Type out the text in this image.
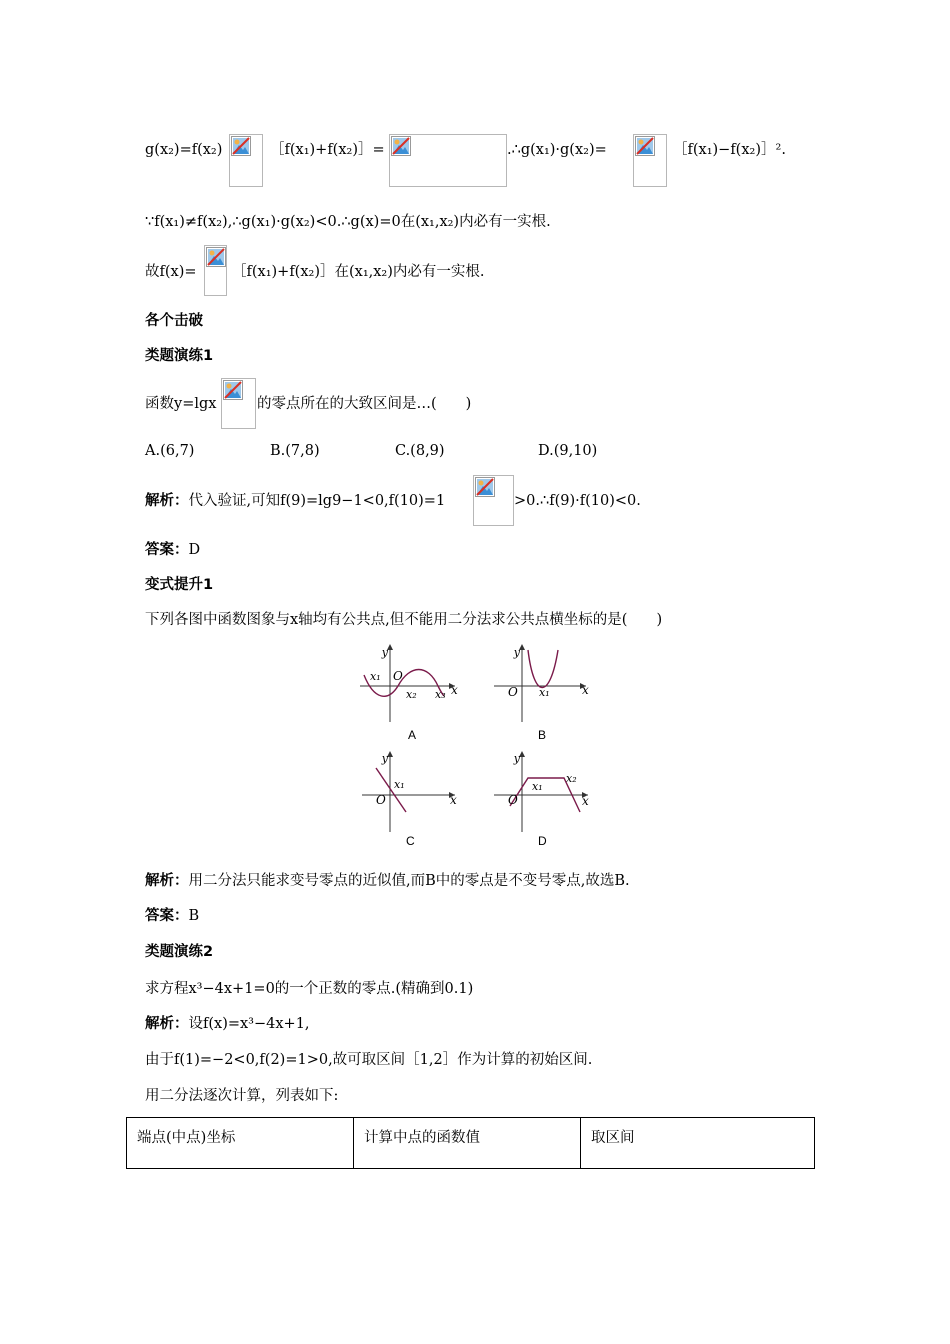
g(x₂)=f(x₂)	［f(x₁)+f(x₂)］=	.∴g(x₁)·g(x₂)=	［f(x₁)−f(x₂)］².
∵f(x₁)≠f(x₂),∴g(x₁)·g(x₂)<0.∴g(x)=0在(x₁,x₂)内必有一实根.
故f(x)= ［f(x₁)+f(x₂)］在(x₁,x₂)内必有一实根.
各个击破
类题演练1
函数y=lgx	的零点所在的大致区间是…(　　)
A.(6,7)	B.(7,8)	C.(8,9)	D.(9,10)
解析：代入验证,可知f(9)=lg9−1<0,f(10)=1	>0.∴f(9)·f(10)<0.
答案：D
变式提升1
下列各图中函数图象与x轴均有公共点,但不能用二分法求公共点横坐标的是(　　)
y
x₁ O
x₂ x₃ x
A
y
O x₁	x
B
y
x₁
O	x
C
y
x₁
x₂
O	x
D
解析：用二分法只能求变号零点的近似值,而B中的零点是不变号零点,故选B.
答案：B
类题演练2
求方程x³−4x+1=0的一个正数的零点.(精确到0.1)
解析：设f(x)=x³−4x+1,
由于f(1)=−2<0,f(2)=1>0,故可取区间［1,2］作为计算的初始区间.
用二分法逐次计算，列表如下:
端点(中点)坐标	计算中点的函数值	取区间
